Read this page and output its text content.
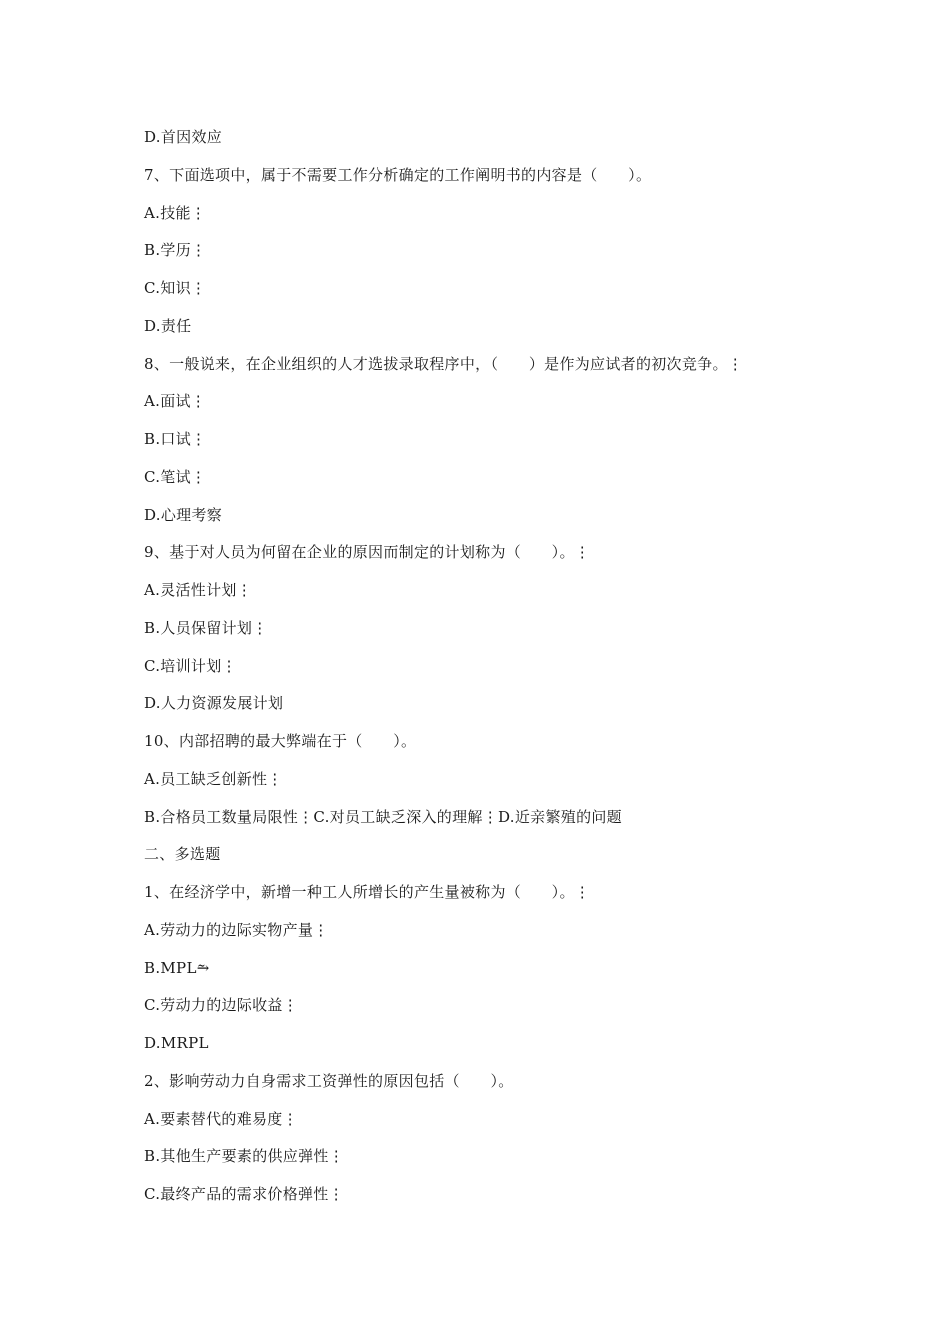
D.首因效应
7、下面选项中，属于不需要工作分析确定的工作阐明书的内容是（　　）。
A.技能⋮
B.学历⋮
C.知识⋮
D.责任
8、一般说来，在企业组织的人才选拔录取程序中，（　　）是作为应试者的初次竞争。⋮
A.面试⋮
B.口试⋮
C.笔试⋮
D.心理考察
9、基于对人员为何留在企业的原因而制定的计划称为（　　）。⋮
A.灵活性计划⋮
B.人员保留计划⋮
C.培训计划⋮
D.人力资源发展计划
10、内部招聘的最大弊端在于（　　）。
A.员工缺乏创新性⋮
B.合格员工数量局限性⋮C.对员工缺乏深入的理解⋮D.近亲繁殖的问题
二、多选题
1、在经济学中，新增一种工人所增长的产生量被称为（　　）。⋮
A.劳动力的边际实物产量⋮
B.MPL⥲
C.劳动力的边际收益⋮
D.MRPL
2、影响劳动力自身需求工资弹性的原因包括（　　）。
A.要素替代的难易度⋮
B.其他生产要素的供应弹性⋮
C.最终产品的需求价格弹性⋮
